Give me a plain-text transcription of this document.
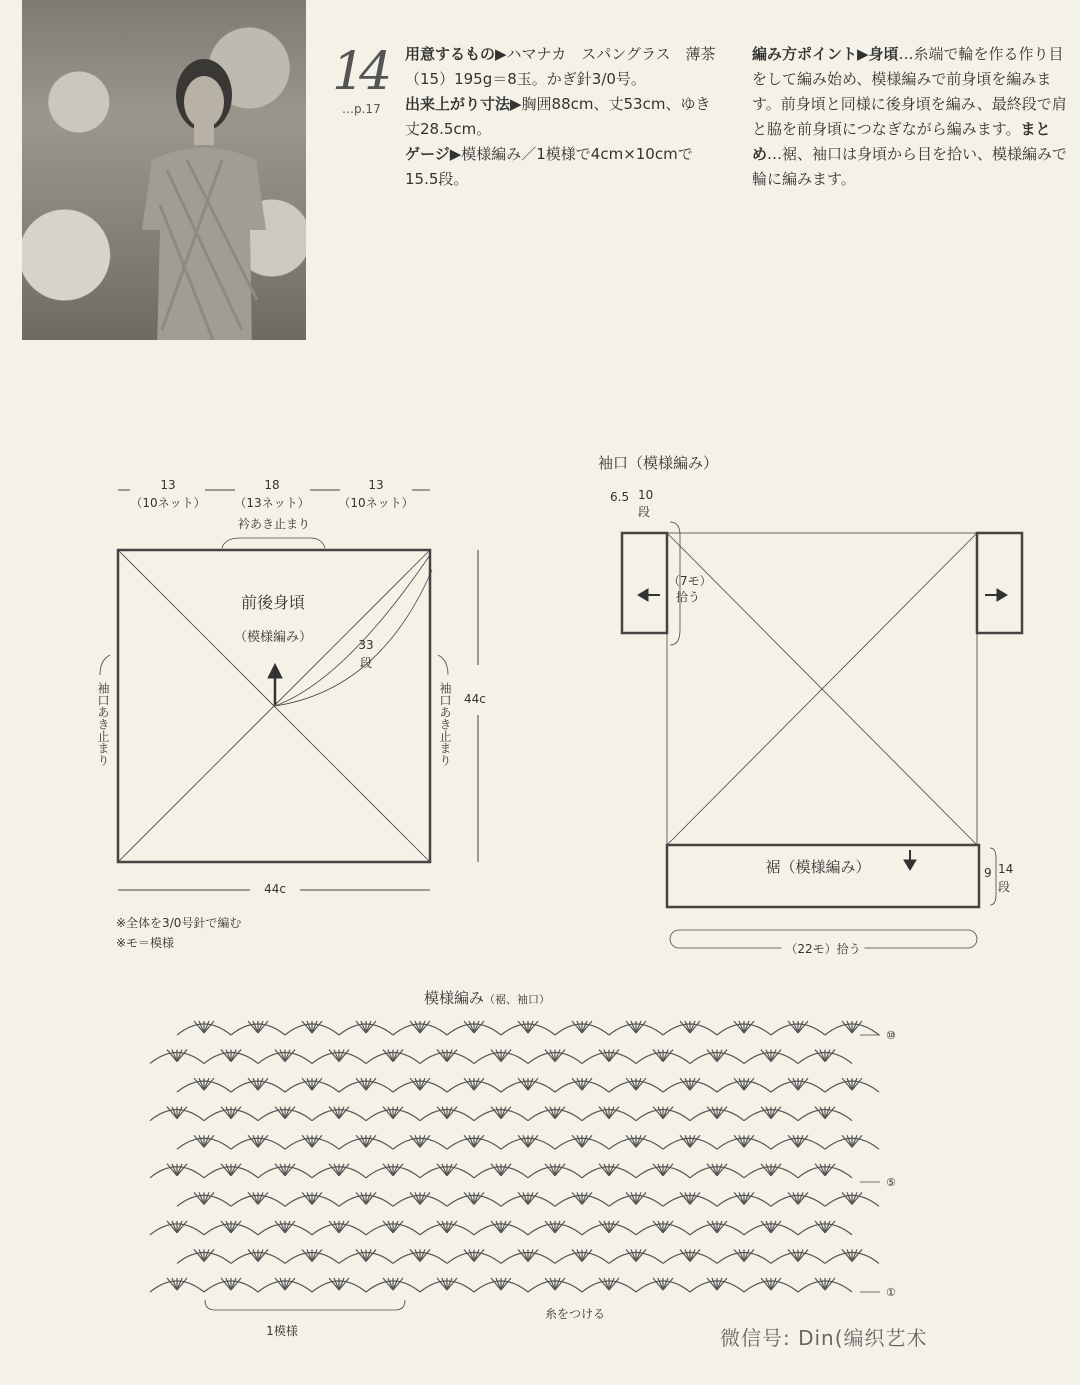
14
…p.17
用意するもの▶ハマナカ　スパングラス　薄茶（15）195g＝8玉。かぎ針3/0号。
出来上がり寸法▶胸囲88cm、丈53cm、ゆき丈28.5cm。
ゲージ▶模様編み／1模様で4cm×10cmで15.5段。
編み方ポイント▶身頃…糸端で輪を作る作り目をして編み始め、模様編みで前身頃を編みます。前身頃と同様に後身頃を編み、最終段で肩と脇を前身頃につなぎながら編みます。まとめ…裾、袖口は身頃から目を拾い、模様編みで輪に編みます。
13
（10ネット）
18
（13ネット）
13
（10ネット）
衿あき止まり
前後身頃
（模様編み）	33
段
袖口あき止まり	袖口あき止まり 44c
44c
※全体を3/0号針で編む
※モ＝模様
袖口（模様編み）
6.5 10
段
（7モ）
拾う
裾（模様編み）	9 14
段
（22モ）拾う
模様編み（裾、袖口）
⑩
⑤
①
1模様
糸をつける
微信号: Din(编织艺术
